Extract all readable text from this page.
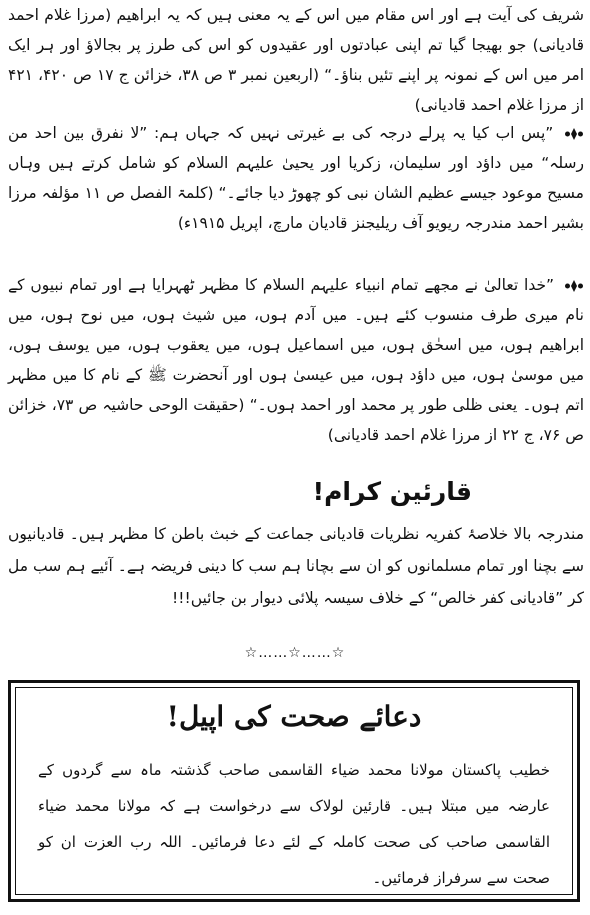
شریف کی آیت ہے اور اس مقام میں اس کے یہ معنی ہیں کہ یہ ابراھیم (مرزا غلام احمد قادیانی) جو بھیجا گیا تم اپنی عبادتوں اور عقیدوں کو اس کی طرز پر بجالاؤ اور ہر ایک امر میں اس کے نمونہ پر اپنے تئیں بناؤ۔“ (اربعین نمبر ۳ ص ۳۸، خزائن ج ۱۷ ص ۴۲۰، ۴۲۱ از مرزا غلام احمد قادیانی)
”پس اب کیا یہ پرلے درجہ کی بے غیرتی نہیں کہ جہاں ہم: ”لا نفرق بین احد من رسلہ“ میں داؤد اور سلیمان، زکریا اور یحییٰ علیہم السلام کو شامل کرتے ہیں وہاں مسیح موعود جیسے عظیم الشان نبی کو چھوڑ دیا جائے۔“ (کلمۃ الفصل ص ۱۱ مؤلفہ مرزا بشیر احمد مندرجہ ریویو آف ریلیجنز قادیان مارچ، اپریل ۱۹۱۵ء)
”خدا تعالیٰ نے مجھے تمام انبیاء علیہم السلام کا مظہر ٹھہرایا ہے اور تمام نبیوں کے نام میری طرف منسوب کئے ہیں۔ میں آدم ہوں، میں شیث ہوں، میں نوح ہوں، میں ابراھیم ہوں، میں اسحٰق ہوں، میں اسماعیل ہوں، میں یعقوب ہوں، میں یوسف ہوں، میں موسیٰ ہوں، میں داؤد ہوں، میں عیسیٰ ہوں اور آنحضرت ﷺ کے نام کا میں مظہر اتم ہوں۔ یعنی ظلی طور پر محمد اور احمد ہوں۔“ (حقیقت الوحی حاشیہ ص ۷۳، خزائن ص ۷۶، ج ۲۲ از مرزا غلام احمد قادیانی)
قارئین کرام!
مندرجہ بالا خلاصۂ کفریہ نظریات قادیانی جماعت کے خبث باطن کا مظہر ہیں۔ قادیانیوں سے بچنا اور تمام مسلمانوں کو ان سے بچانا ہم سب کا دینی فریضہ ہے۔ آئیے ہم سب مل کر ”قادیانی کفر خالص“ کے خلاف سیسہ پلائی دیوار بن جائیں!!!
☆……☆……☆
دعائے صحت کی اپیل!
خطیب پاکستان مولانا محمد ضیاء القاسمی صاحب گذشتہ ماہ سے گردوں کے عارضہ میں مبتلا ہیں۔ قارئین لولاک سے درخواست ہے کہ مولانا محمد ضیاء القاسمی صاحب کی صحت کاملہ کے لئے دعا فرمائیں۔ اللہ رب العزت ان کو صحت سے سرفراز فرمائیں۔
